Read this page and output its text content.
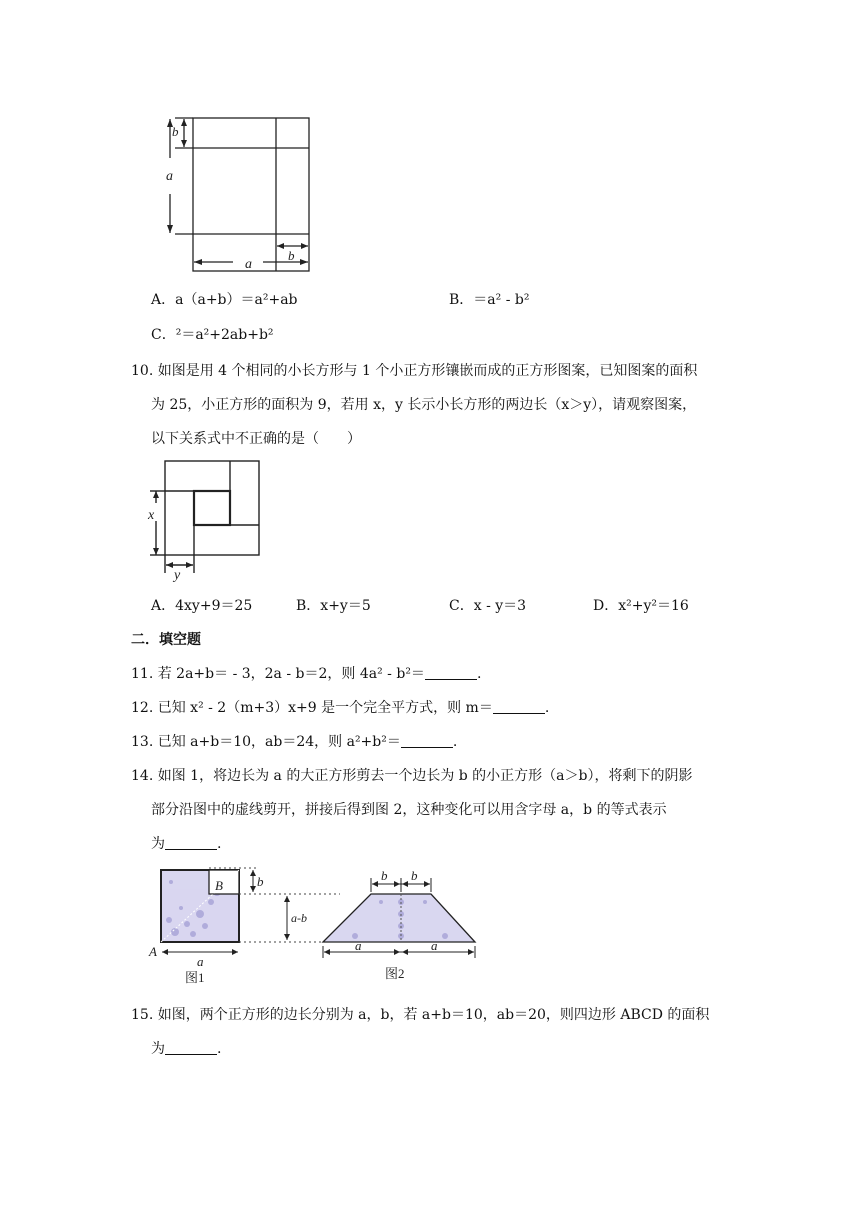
b
a
a
b
A．a（a+b）＝a²+ab	B．＝a² - b²
C．²＝a²+2ab+b²
10. 如图是用 4 个相同的小长方形与 1 个小正方形镶嵌而成的正方形图案，已知图案的面积
为 25，小正方形的面积为 9，若用 x，y 长示小长方形的两边长（x＞y），请观察图案，
以下关系式中不正确的是（　　）
x
y
A．4xy+9＝25	B．x+y＝5	C．x - y＝3	D．x²+y²＝16
二．填空题
11. 若 2a+b＝ - 3，2a - b＝2，则 4a² - b²＝	.
12. 已知 x² - 2（m+3）x+9 是一个完全平方式，则 m＝	.
13. 已知 a+b＝10，ab＝24，则 a²+b²＝	.
14. 如图 1，将边长为 a 的大正方形剪去一个边长为 b 的小正方形（a＞b），将剩下的阴影
部分沿图中的虚线剪开，拼接后得到图 2，这种变化可以用含字母 a，b 的等式表示
为	.
A
B	b
a-b
a
图1
b b
a	a
图2
15. 如图，两个正方形的边长分别为 a，b，若 a+b＝10，ab＝20，则四边形 ABCD 的面积
为	.
